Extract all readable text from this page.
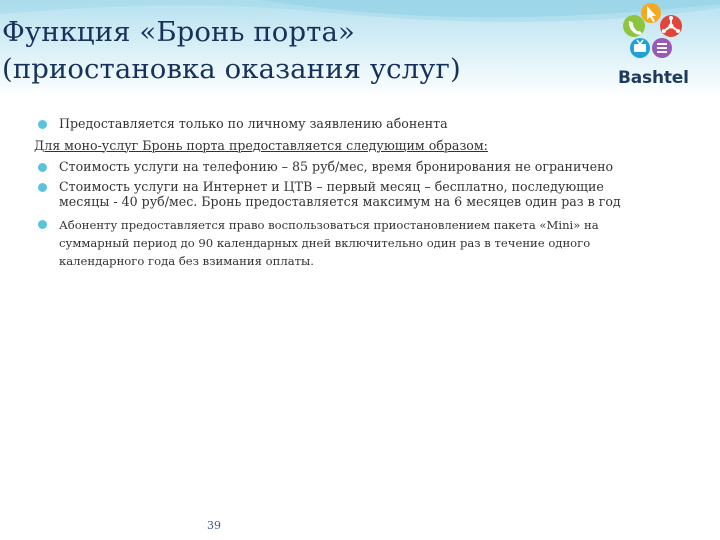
Функция «Бронь порта»
(приостановка оказания услуг)	Bashtel
Предоставляется только по личному заявлению абонента
Для моно-услуг Бронь порта предоставляется следующим образом:
Стоимость услуги на телефонию – 85 руб/мес, время бронирования не ограничено
Стоимость услуги на Интернет и ЦТВ – первый месяц – бесплатно, последующие месяцы - 40 руб/мес. Бронь предоставляется максимум на 6 месяцев один раз в год
Абоненту предоставляется право воспользоваться приостановлением пакета «Mini» на суммарный период до 90 календарных дней включительно один раз в течение одного календарного года без взимания оплаты.
39
